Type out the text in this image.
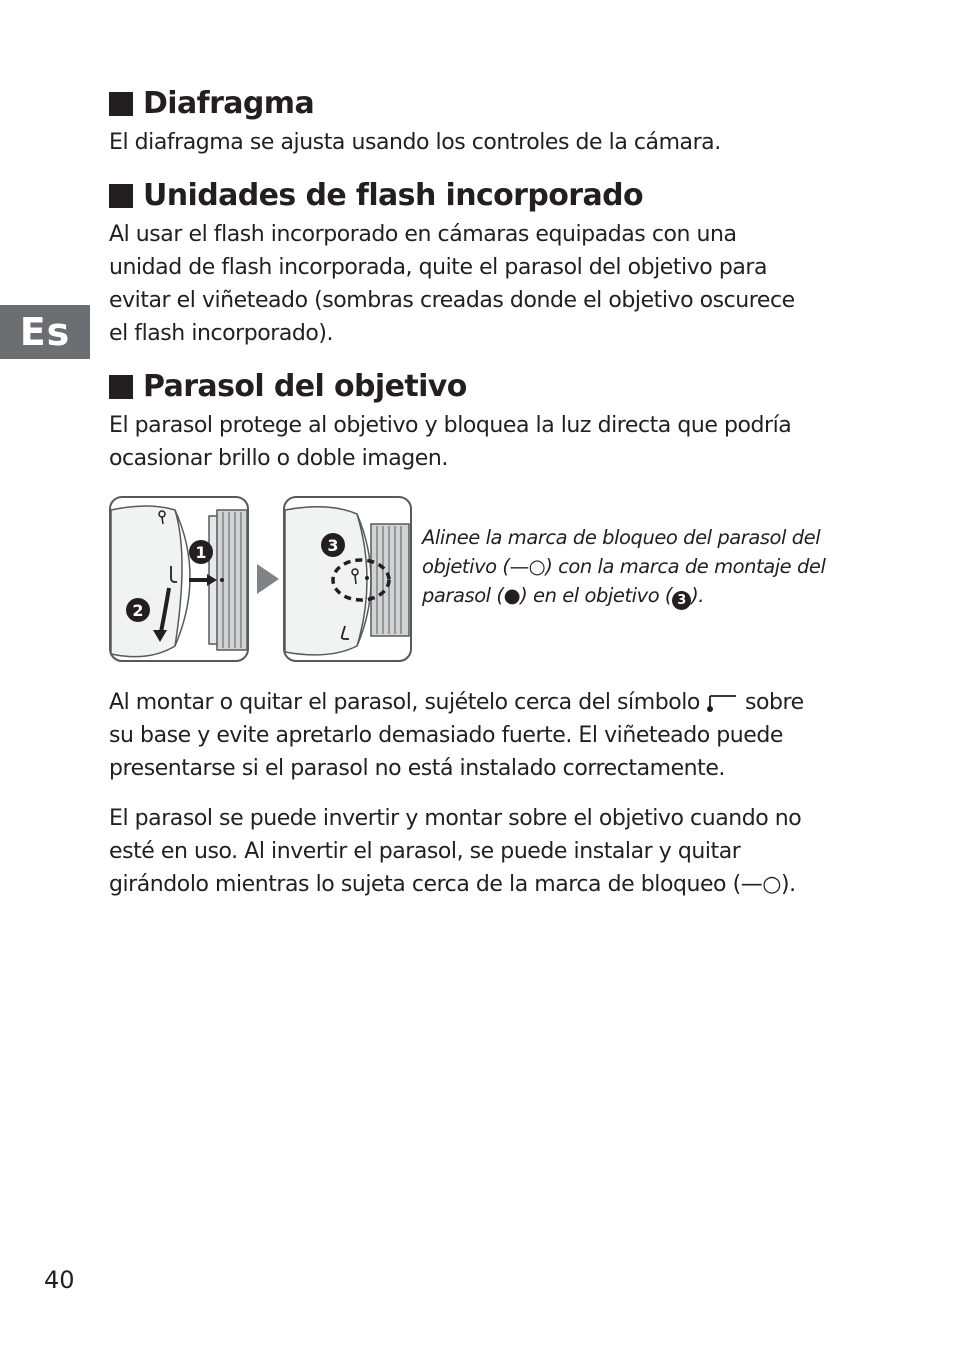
Es
Diafragma

El diafragma se ajusta usando los controles de la cámara.

Unidades de flash incorporado

Al usar el flash incorporado en cámaras equipadas con una
unidad de flash incorporada, quite el parasol del objetivo para
evitar el viñeteado (sombras creadas donde el objetivo oscurece
el flash incorporado).

Parasol del objetivo

El parasol protege al objetivo y bloquea la luz directa que podría
ocasionar brillo o doble imagen.

1
2
3	Alinee la marca de bloqueo del parasol del
objetivo (—○) con la marca de montaje del
parasol (●) en el objetivo ( 3 ).

Al montar o quitar el parasol, sujételo cerca del símbolo sobre
su base y evite apretarlo demasiado fuerte. El viñeteado puede
presentarse si el parasol no está instalado correctamente.

El parasol se puede invertir y montar sobre el objetivo cuando no
esté en uso. Al invertir el parasol, se puede instalar y quitar
girándolo mientras lo sujeta cerca de la marca de bloqueo (—○).

40
